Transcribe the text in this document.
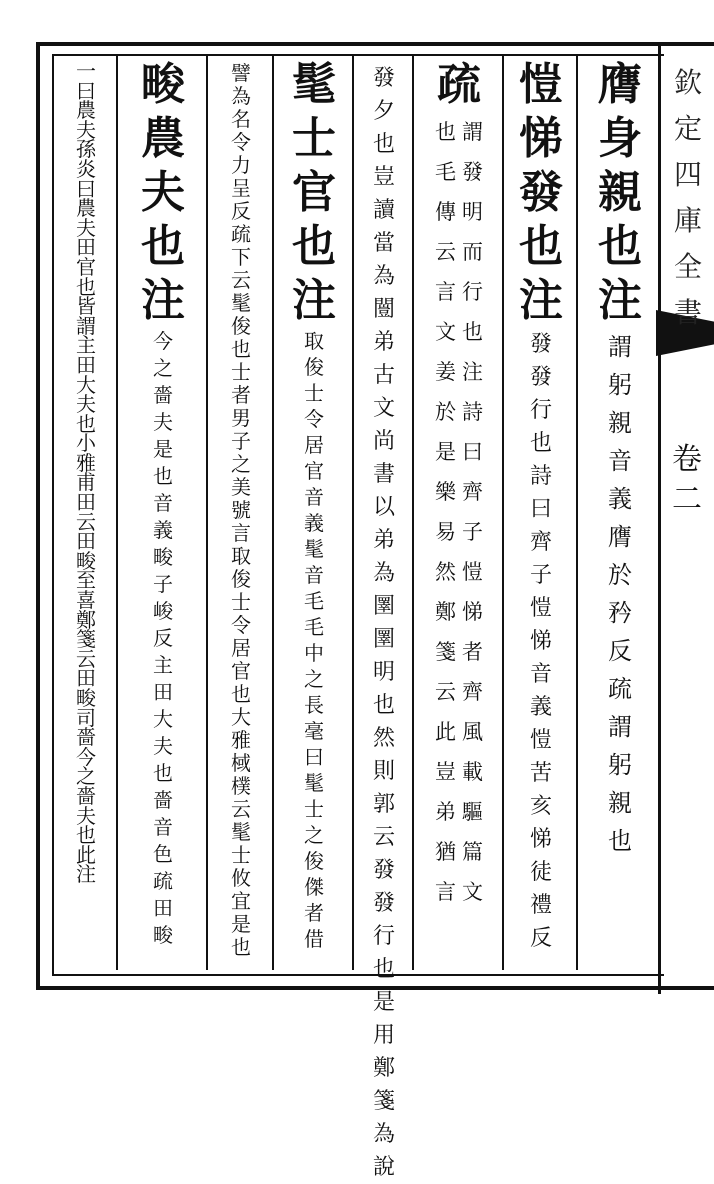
欽
定
四
庫
全
書
卷
二
膺
身
親
也
注
謂
躬
親
音
義
膺
於
矜
反
疏
謂
躬
親
也
愷
悌
發
也
注
發
發
行
也
詩
曰
齊
子
愷
悌
音
義
愷
苦
亥
悌
徒
禮
反
疏
謂
發
明
而
行
也
注
詩
曰
齊
子
愷
悌
者
齊
風
載
驅
篇
文
也
毛
傳
云
言
文
姜
於
是
樂
易
然
鄭
箋
云
此
豈
弟
猶
言
發
夕
也
豈
讀
當
為
闓
弟
古
文
尚
書
以
弟
為
圛
圛
明
也
然
則
郭
云
發
發
行
也
是
用
鄭
箋
為
說
髦
士
官
也
注
取
俊
士
令
居
官
音
義
髦
音
毛
毛
中
之
長
毫
曰
髦
士
之
俊
傑
者
借
譬
為
名
令
力
呈
反
疏
下
云
髦
俊
也
士
者
男
子
之
美
號
言
取
俊
士
令
居
官
也
大
雅
棫
樸
云
髦
士
攸
宜
是
也
畯
農
夫
也
注
今
之
嗇
夫
是
也
音
義
畯
子
峻
反
主
田
大
夫
也
嗇
音
色
疏
田
畯
一
曰
農
夫
孫
炎
曰
農
夫
田
官
也
皆
謂
主
田
大
夫
也
小
雅
甫
田
云
田
畯
至
喜
鄭
箋
云
田
畯
司
嗇
今
之
嗇
夫
也
此
注
